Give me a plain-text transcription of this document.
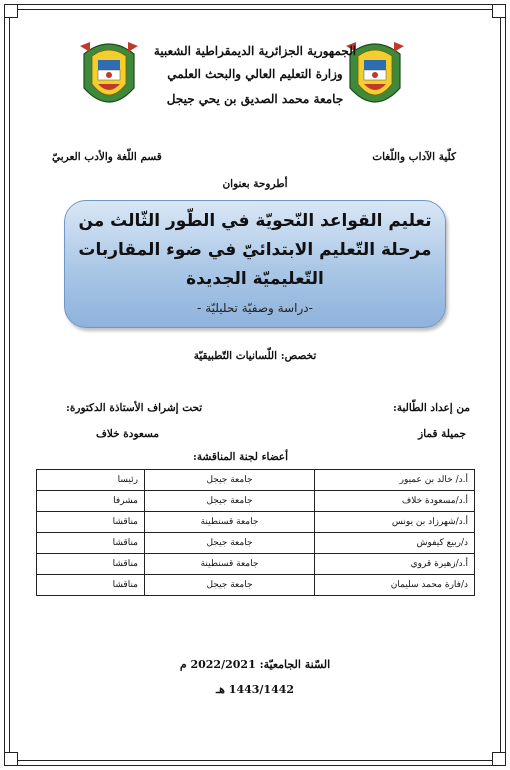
الجمهورية الجزائرية الديمقراطية الشعبية
وزارة التعليم العالي والبحث العلمي
جامعة محمد الصديق بن يحي جيجل
كلّية الآداب واللّغات
قسم اللّغة والأدب العربيّ
أطروحة بعنوان
تعليم القواعد النّحويّة في الطّور الثّالث من
مرحلة التّعليم الابتدائيّ في ضوء المقاربات
التّعليميّة الجديدة
-دراسة وصفيّة تحليليّة -
تخصص: اللّسانيات التّطبيقيّة
من إعداد الطّالبة:
جميلة قماز
تحت إشراف الأستاذة الدكتورة:
مسعودة خلاف
أعضاء لجنة المناقشة:
أ.د/ خالد بن عميور	جامعة جيجل	رئيسا
أ.د/مسعودة خلاف	جامعة جيجل	مشرفا
أ.د/شهرزاد بن يونس	جامعة قسنطينة	مناقشا
د/ربيع كيفوش	جامعة جيجل	مناقشا
أ.د/زهيرة قروي	جامعة قسنطينة	مناقشا
د/فارة محمد سليمان	جامعة جيجل	مناقشا
السّنة الجامعيّة: 2022/2021 م
1443/1442 هـ
